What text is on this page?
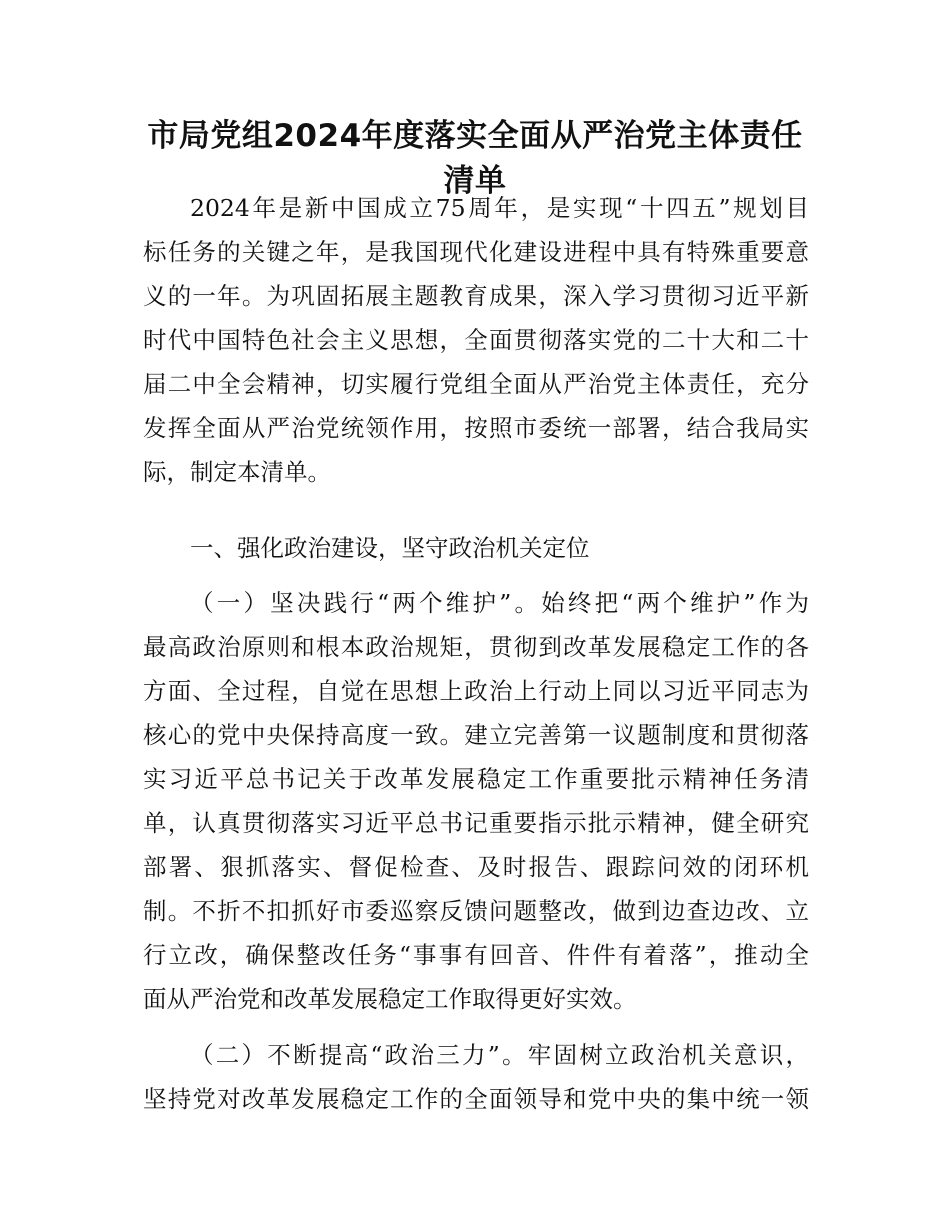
市局党组2024年度落实全面从严治党主体责任
清单

2024年是新中国成立75周年，是实现“十四五”规划目

标任务的关键之年，是我国现代化建设进程中具有特殊重要意

义的一年。为巩固拓展主题教育成果，深入学习贯彻习近平新

时代中国特色社会主义思想，全面贯彻落实党的二十大和二十

届二中全会精神，切实履行党组全面从严治党主体责任，充分

发挥全面从严治党统领作用，按照市委统一部署，结合我局实

际，制定本清单。

一、强化政治建设，坚守政治机关定位

（一）坚决践行“两个维护”。始终把“两个维护”作为

最高政治原则和根本政治规矩，贯彻到改革发展稳定工作的各

方面、全过程，自觉在思想上政治上行动上同以习近平同志为

核心的党中央保持高度一致。建立完善第一议题制度和贯彻落

实习近平总书记关于改革发展稳定工作重要批示精神任务清

单，认真贯彻落实习近平总书记重要指示批示精神，健全研究

部署、狠抓落实、督促检查、及时报告、跟踪问效的闭环机

制。不折不扣抓好市委巡察反馈问题整改，做到边查边改、立

行立改，确保整改任务“事事有回音、件件有着落”，推动全

面从严治党和改革发展稳定工作取得更好实效。

（二）不断提高“政治三力”。牢固树立政治机关意识，

坚持党对改革发展稳定工作的全面领导和党中央的集中统一领
